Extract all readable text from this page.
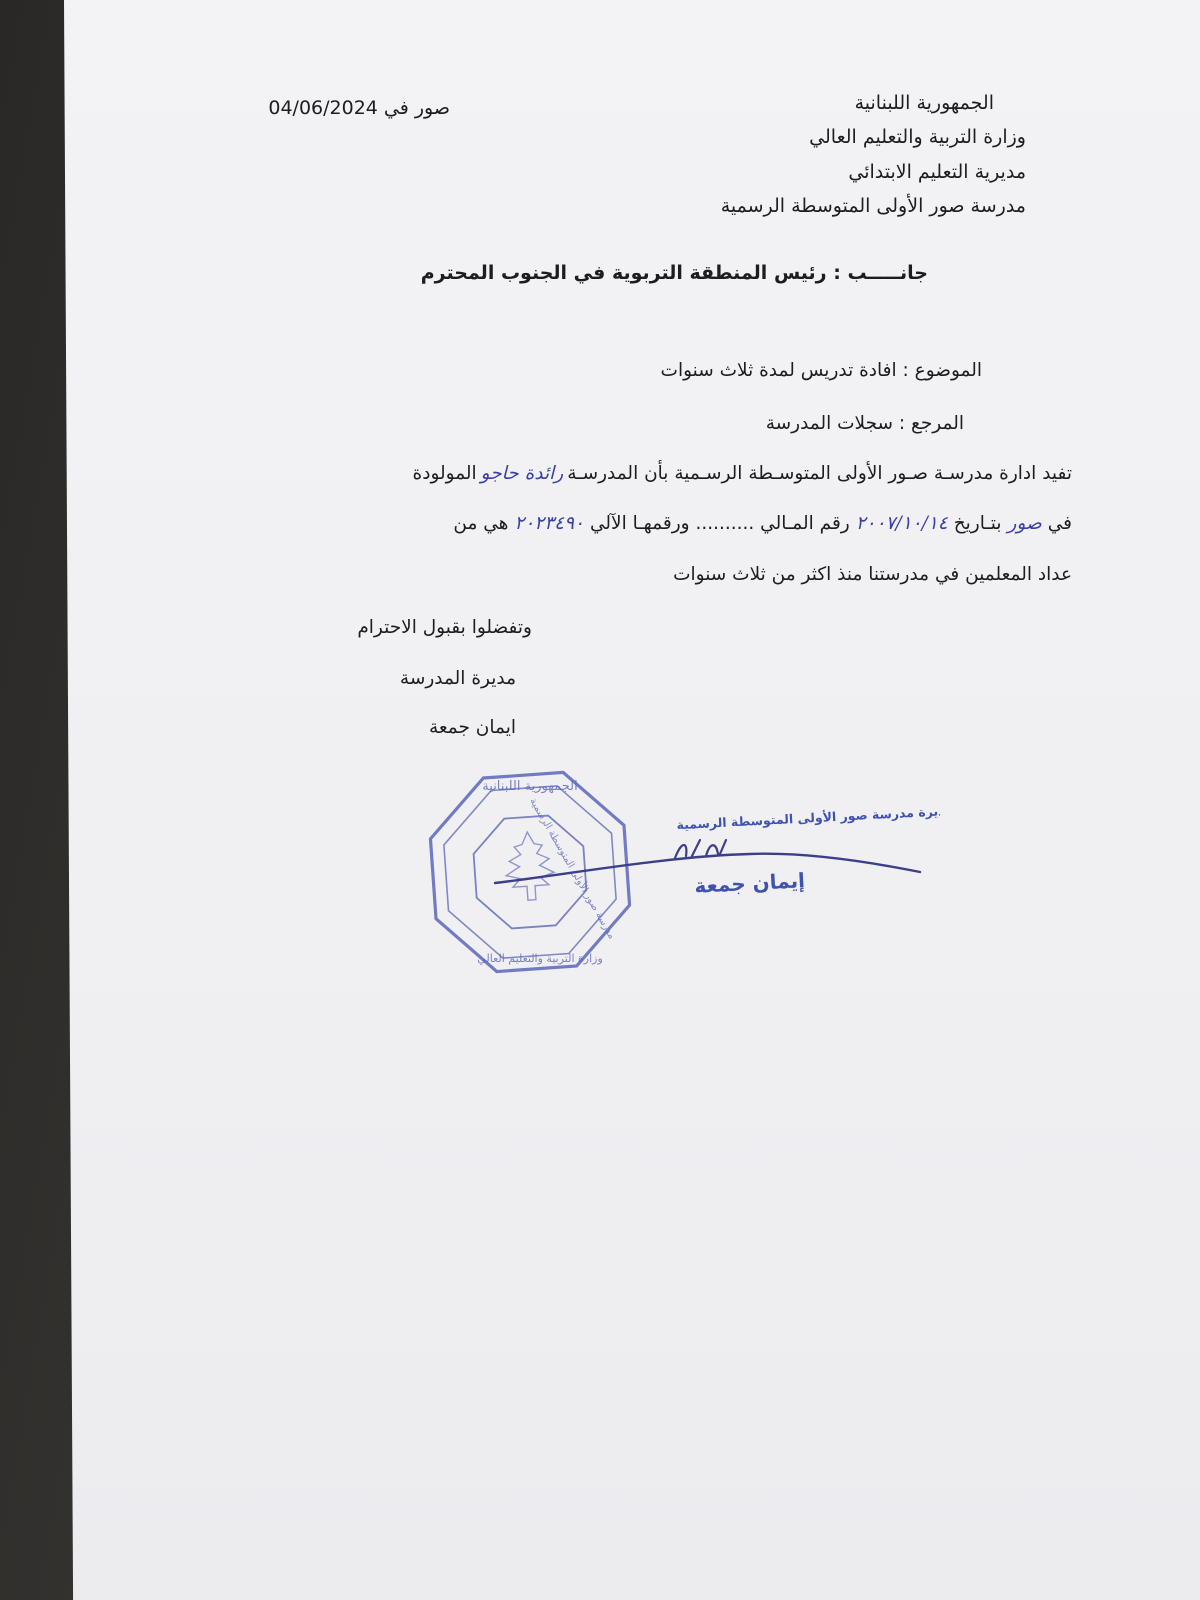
الجمهورية اللبنانية
وزارة التربية والتعليم العالي
مديرية التعليم الابتدائي
مدرسة صور الأولى المتوسطة الرسمية
صور في 04/06/2024
جانـــــب : رئيس المنطقة التربوية في الجنوب المحترم
الموضوع : افادة تدريس لمدة ثلاث سنوات
المرجع : سجلات المدرسة
تفيد ادارة مدرسـة صـور الأولى المتوسـطة الرسـمية بأن المدرسـة
رائدة حاجو
المولودة
في
صور
بتـاريخ
٢٠٠٧/١٠/١٤
رقم المـالي .......... ورقمهـا الآلي
٢٠٢٣٤٩٠
هي من
عداد المعلمين في مدرستنا منذ اكثر من ثلاث سنوات
وتفضلوا بقبول الاحترام
مديرة المدرسة
ايمان جمعة
الجمهورية اللبنانية
وزارة التربية والتعليم العالي
مدرسة صور الأولى المتوسطة الرسمية	مديرة مدرسة صور الأولى المتوسطة الرسمية
إيمان جمعة
